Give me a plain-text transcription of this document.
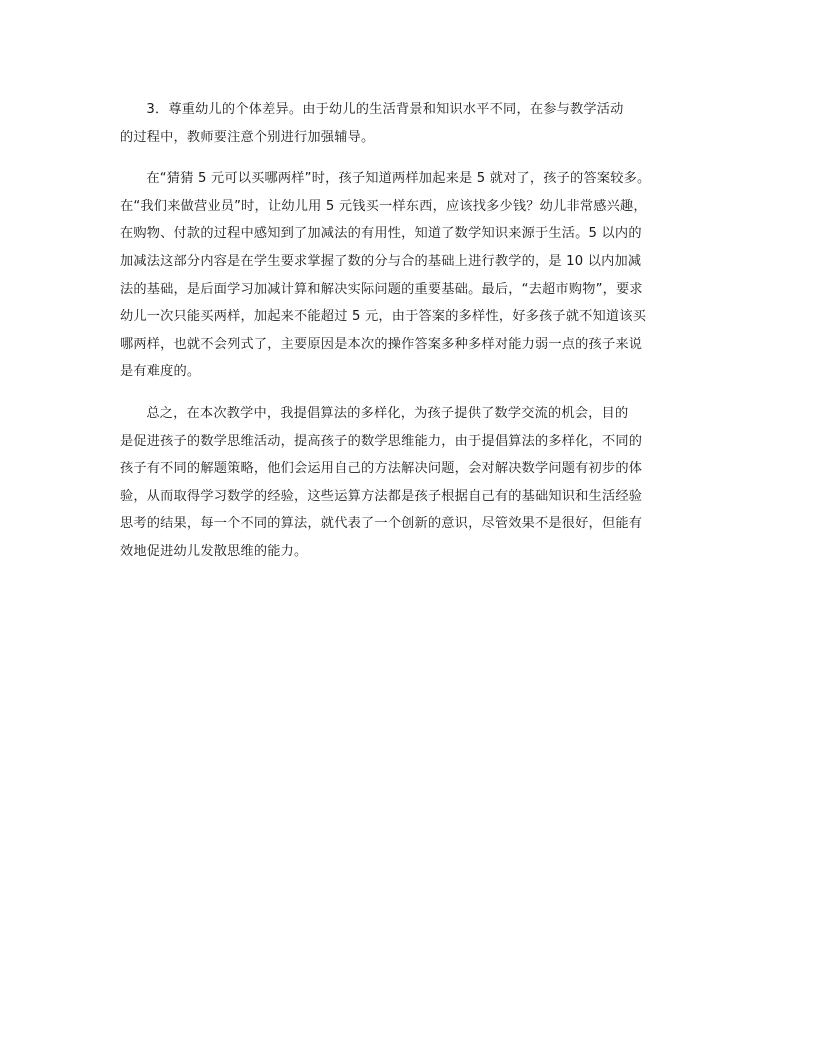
3．尊重幼儿的个体差异。由于幼儿的生活背景和知识水平不同，在参与教学活动
的过程中，教师要注意个别进行加强辅导。

在“猜猜 5 元可以买哪两样”时，孩子知道两样加起来是 5 就对了，孩子的答案较多。
在“我们来做营业员”时，让幼儿用 5 元钱买一样东西，应该找多少钱？幼儿非常感兴趣，
在购物、付款的过程中感知到了加减法的有用性，知道了数学知识来源于生活。5 以内的
加减法这部分内容是在学生要求掌握了数的分与合的基础上进行教学的，是 10 以内加减
法的基础，是后面学习加减计算和解决实际问题的重要基础。最后，“去超市购物”，要求
幼儿一次只能买两样，加起来不能超过 5 元，由于答案的多样性，好多孩子就不知道该买
哪两样，也就不会列式了，主要原因是本次的操作答案多种多样对能力弱一点的孩子来说
是有难度的。

总之，在本次教学中，我提倡算法的多样化，为孩子提供了数学交流的机会，目的
是促进孩子的数学思维活动，提高孩子的数学思维能力，由于提倡算法的多样化，不同的
孩子有不同的解题策略，他们会运用自己的方法解决问题，会对解决数学问题有初步的体
验，从而取得学习数学的经验，这些运算方法都是孩子根据自己有的基础知识和生活经验
思考的结果，每一个不同的算法，就代表了一个创新的意识，尽管效果不是很好，但能有
效地促进幼儿发散思维的能力。
